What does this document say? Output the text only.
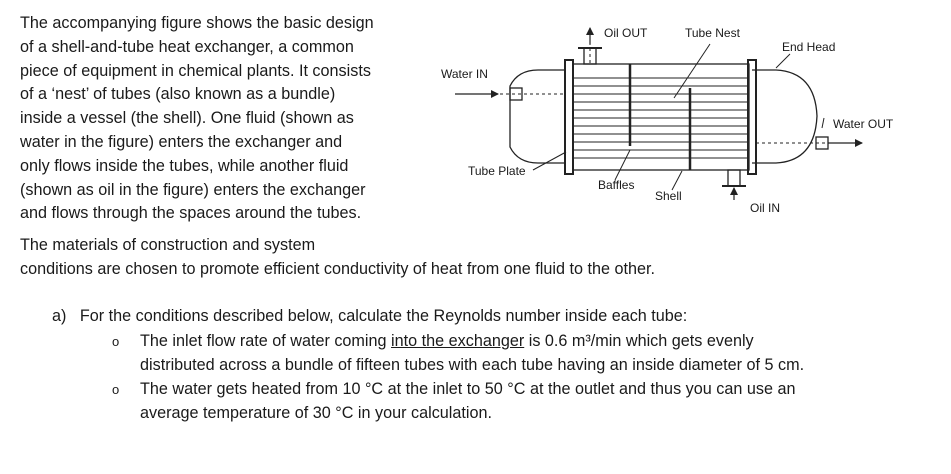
The accompanying figure shows the basic design
of a shell-and-tube heat exchanger, a common
piece of equipment in chemical plants. It consists
of a ‘nest’ of tubes (also known as a bundle)
inside a vessel (the shell). One fluid (shown as
water in the figure) enters the exchanger and
only flows inside the tubes, while another fluid
(shown as oil in the figure) enters the exchanger
and flows through the spaces around the tubes.
The materials of construction and system
conditions are chosen to promote efficient conductivity of heat from one fluid to the other.
a) For the conditions described below, calculate the Reynolds number inside each tube:
o The inlet flow rate of water coming into the exchanger is 0.6 m³/min which gets evenly
distributed across a bundle of fifteen tubes with each tube having an inside diameter of 5 cm.
o The water gets heated from 10 °C at the inlet to 50 °C at the outlet and thus you can use an
average temperature of 30 °C in your calculation.
Oil OUT	Tube Nest
End Head
Water IN
Water OUT
Tube Plate
Baffles
Shell
Oil IN
